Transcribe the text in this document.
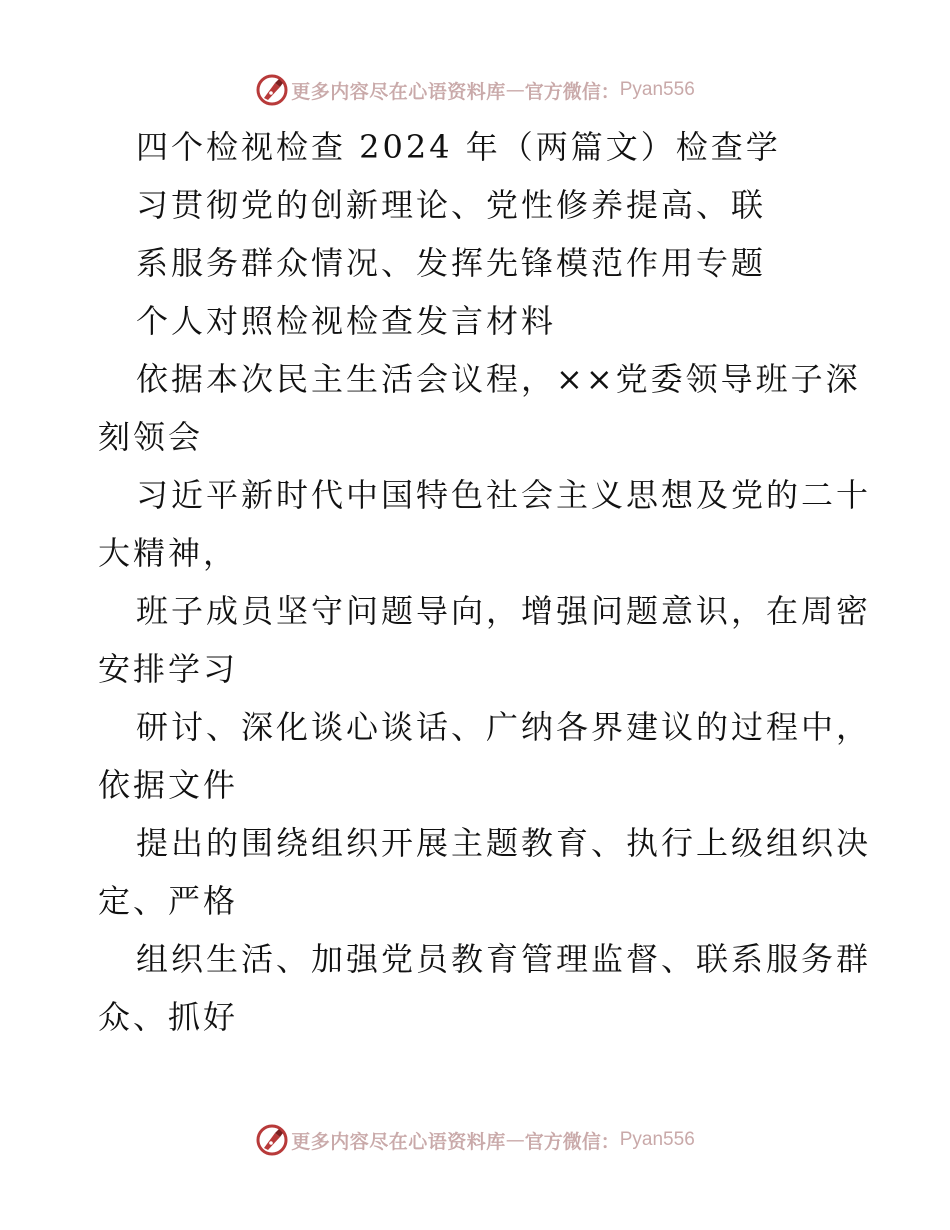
更多内容尽在心语资料库 — 官方微信： Pyan556
四个检视检查 2024 年（两篇文）检查学
习贯彻党的创新理论、党性修养提高、联
系服务群众情况、发挥先锋模范作用专题
个人对照检视检查发言材料
依据本次民主生活会议程，××党委领导班子深
刻领会
习近平新时代中国特色社会主义思想及党的二十
大精神，
班子成员坚守问题导向，增强问题意识，在周密
安排学习
研讨、深化谈心谈话、广纳各界建议的过程中，
依据文件
提出的围绕组织开展主题教育、执行上级组织决
定、严格
组织生活、加强党员教育管理监督、联系服务群
众、抓好
更多内容尽在心语资料库 — 官方微信： Pyan556
